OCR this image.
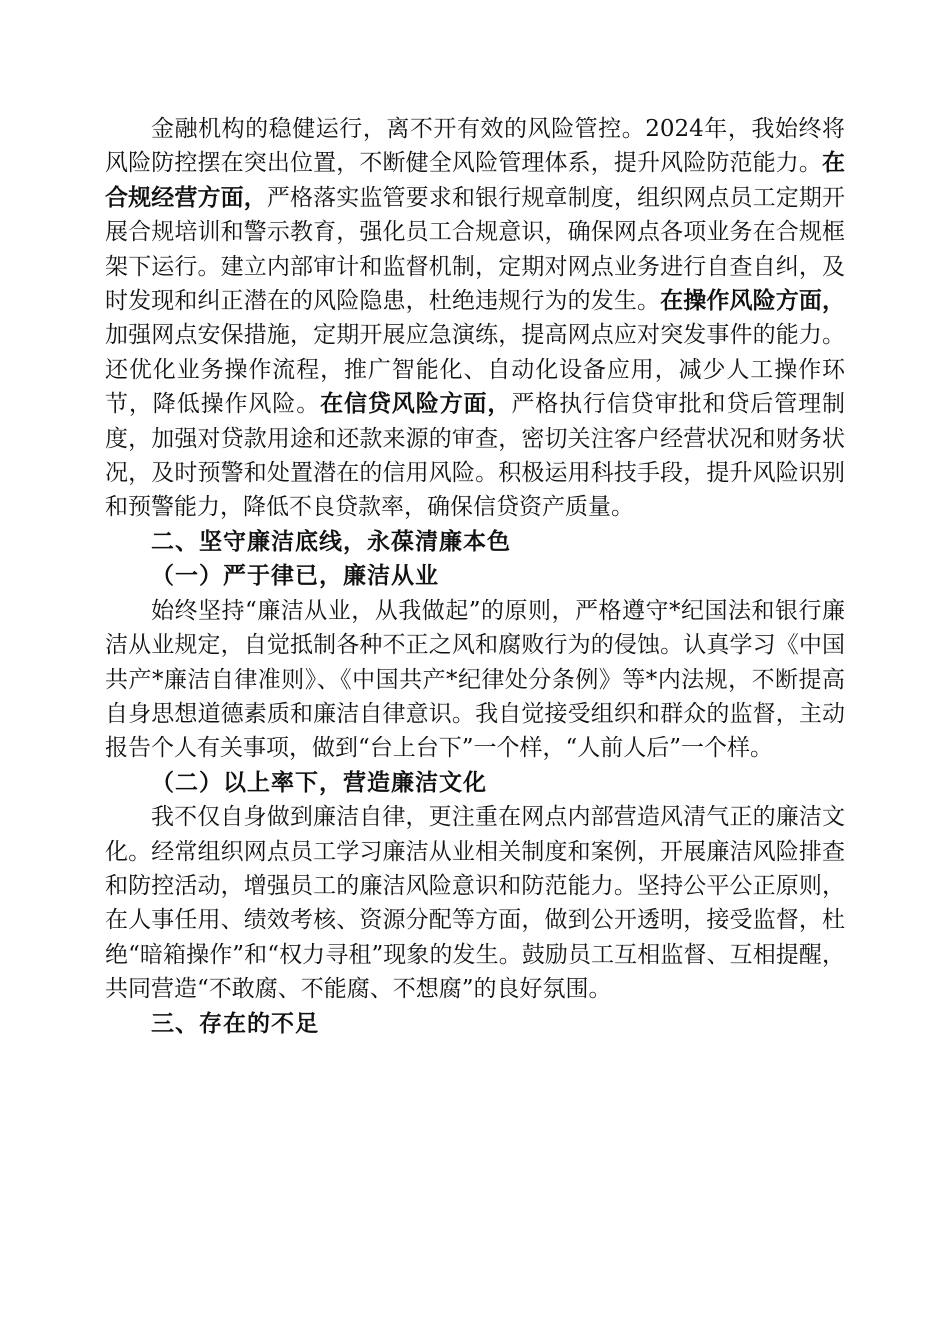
金融机构的稳健运行，离不开有效的风险管控。2024年，我始终将风险防控摆在突出位置，不断健全风险管理体系，提升风险防范能力。在合规经营方面，严格落实监管要求和银行规章制度，组织网点员工定期开展合规培训和警示教育，强化员工合规意识，确保网点各项业务在合规框架下运行。建立内部审计和监督机制，定期对网点业务进行自查自纠，及时发现和纠正潜在的风险隐患，杜绝违规行为的发生。在操作风险方面，加强网点安保措施，定期开展应急演练，提高网点应对突发事件的能力。还优化业务操作流程，推广智能化、自动化设备应用，减少人工操作环节，降低操作风险。在信贷风险方面，严格执行信贷审批和贷后管理制度，加强对贷款用途和还款来源的审查，密切关注客户经营状况和财务状况，及时预警和处置潜在的信用风险。积极运用科技手段，提升风险识别和预警能力，降低不良贷款率，确保信贷资产质量。

二、坚守廉洁底线，永葆清廉本色

（一）严于律已，廉洁从业

始终坚持“廉洁从业，从我做起”的原则，严格遵守*纪国法和银行廉洁从业规定，自觉抵制各种不正之风和腐败行为的侵蚀。认真学习《中国共产*廉洁自律准则》、《中国共产*纪律处分条例》等*内法规，不断提高自身思想道德素质和廉洁自律意识。我自觉接受组织和群众的监督，主动报告个人有关事项，做到“台上台下”一个样，“人前人后”一个样。

（二）以上率下，营造廉洁文化

我不仅自身做到廉洁自律，更注重在网点内部营造风清气正的廉洁文化。经常组织网点员工学习廉洁从业相关制度和案例，开展廉洁风险排查和防控活动，增强员工的廉洁风险意识和防范能力。坚持公平公正原则，在人事任用、绩效考核、资源分配等方面，做到公开透明，接受监督，杜绝“暗箱操作”和“权力寻租”现象的发生。鼓励员工互相监督、互相提醒，共同营造“不敢腐、不能腐、不想腐”的良好氛围。

三、存在的不足
